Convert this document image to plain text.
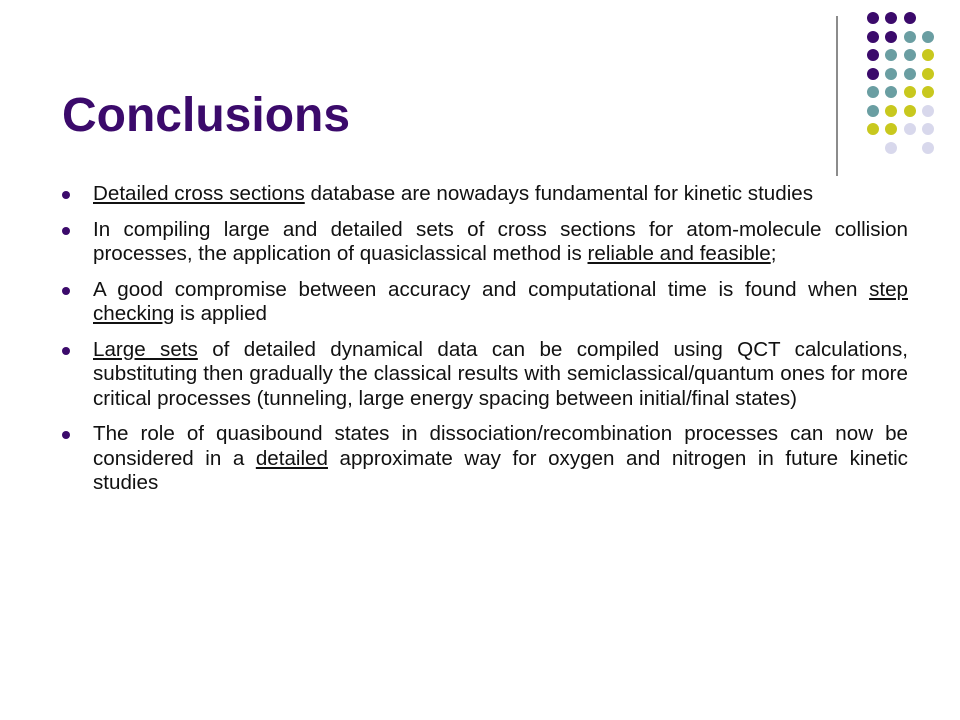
Conclusions
Detailed cross sections database are nowadays fundamental for kinetic studies
In compiling large and detailed sets of cross sections for atom-molecule collision processes, the application of quasiclassical method is reliable and feasible;
A good compromise between accuracy and computational time is found when step checking is applied
Large sets of detailed dynamical data can be compiled using QCT calculations, substituting then gradually the classical results with semiclassical/quantum ones for more critical processes (tunneling, large energy spacing between initial/final states)
The role of quasibound states in dissociation/recombination processes can now be considered in a detailed approximate way for oxygen and nitrogen in future kinetic studies
